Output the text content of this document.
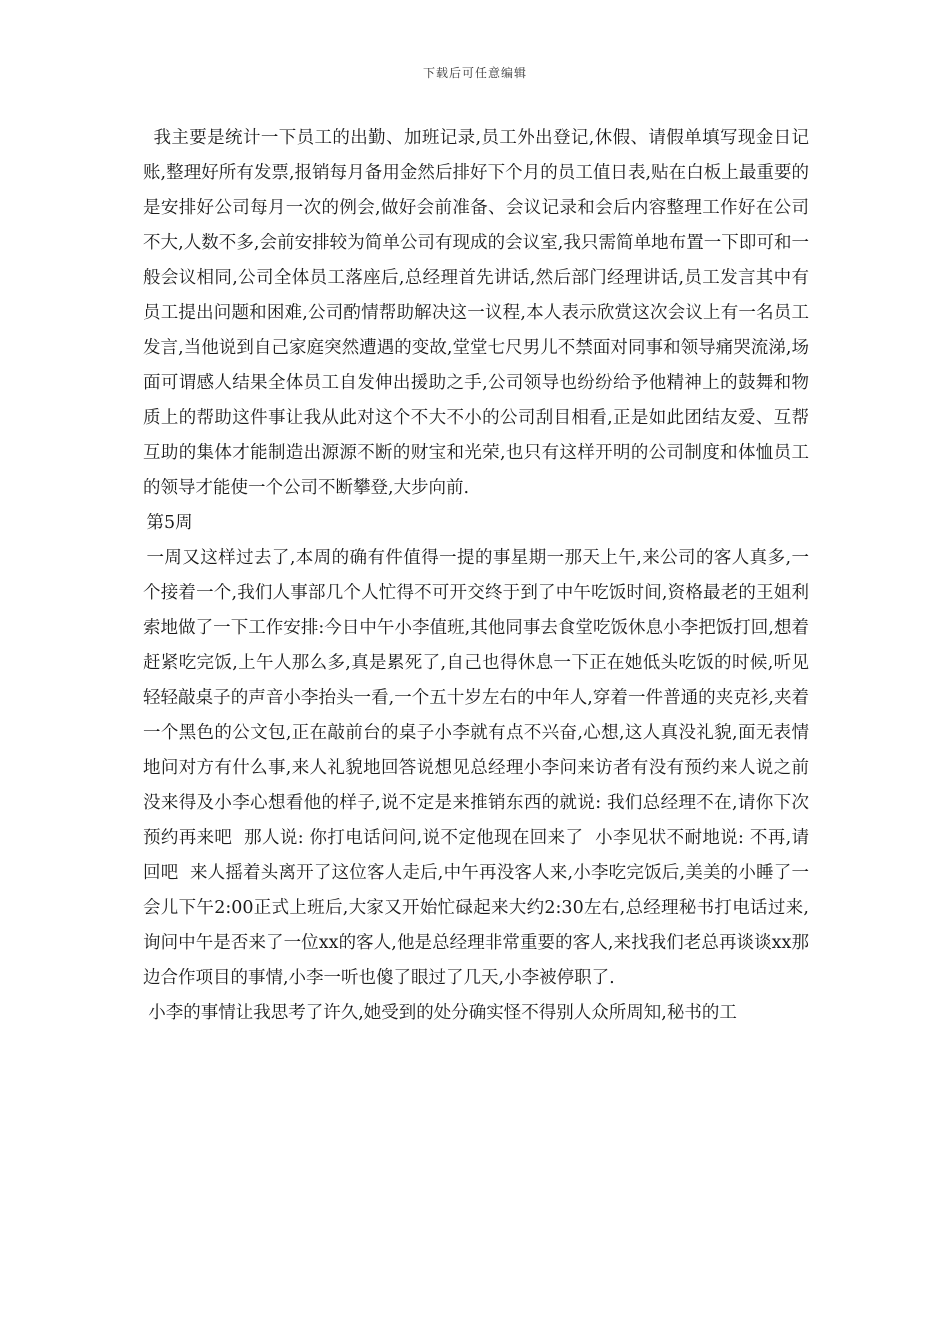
下载后可任意编辑

我主要是统计一下员工的出勤、加班记录,员工外出登记,休假、请假单填写现金日记账,整理好所有发票,报销每月备用金然后排好下个月的员工值日表,贴在白板上最重要的是安排好公司每月一次的例会,做好会前准备、会议记录和会后内容整理工作好在公司不大,人数不多,会前安排较为简单公司有现成的会议室,我只需简单地布置一下即可和一般会议相同,公司全体员工落座后,总经理首先讲话,然后部门经理讲话,员工发言其中有员工提出问题和困难,公司酌情帮助解决这一议程,本人表示欣赏这次会议上有一名员工发言,当他说到自己家庭突然遭遇的变故,堂堂七尺男儿不禁面对同事和领导痛哭流涕,场面可谓感人结果全体员工自发伸出援助之手,公司领导也纷纷给予他精神上的鼓舞和物质上的帮助这件事让我从此对这个不大不小的公司刮目相看,正是如此团结友爱、互帮互助的集体才能制造出源源不断的财宝和光荣,也只有这样开明的公司制度和体恤员工的领导才能使一个公司不断攀登,大步向前.

第5周

一周又这样过去了,本周的确有件值得一提的事星期一那天上午,来公司的客人真多,一个接着一个,我们人事部几个人忙得不可开交终于到了中午吃饭时间,资格最老的王姐利索地做了一下工作安排:今日中午小李值班,其他同事去食堂吃饭休息小李把饭打回,想着赶紧吃完饭,上午人那么多,真是累死了,自己也得休息一下正在她低头吃饭的时候,听见轻轻敲桌子的声音小李抬头一看,一个五十岁左右的中年人,穿着一件普通的夹克衫,夹着一个黑色的公文包,正在敲前台的桌子小李就有点不兴奋,心想,这人真没礼貌,面无表情地问对方有什么事,来人礼貌地回答说想见总经理小李问来访者有没有预约来人说之前没来得及小李心想看他的样子,说不定是来推销东西的就说: 我们总经理不在,请你下次预约再来吧  那人说: 你打电话问问,说不定他现在回来了  小李见状不耐地说: 不再,请回吧  来人摇着头离开了这位客人走后,中午再没客人来,小李吃完饭后,美美的小睡了一会儿下午2:00正式上班后,大家又开始忙碌起来大约2:30左右,总经理秘书打电话过来,询问中午是否来了一位xx的客人,他是总经理非常重要的客人,来找我们老总再谈谈xx那边合作项目的事情,小李一听也傻了眼过了几天,小李被停职了.

小李的事情让我思考了许久,她受到的处分确实怪不得别人众所周知,秘书的工
